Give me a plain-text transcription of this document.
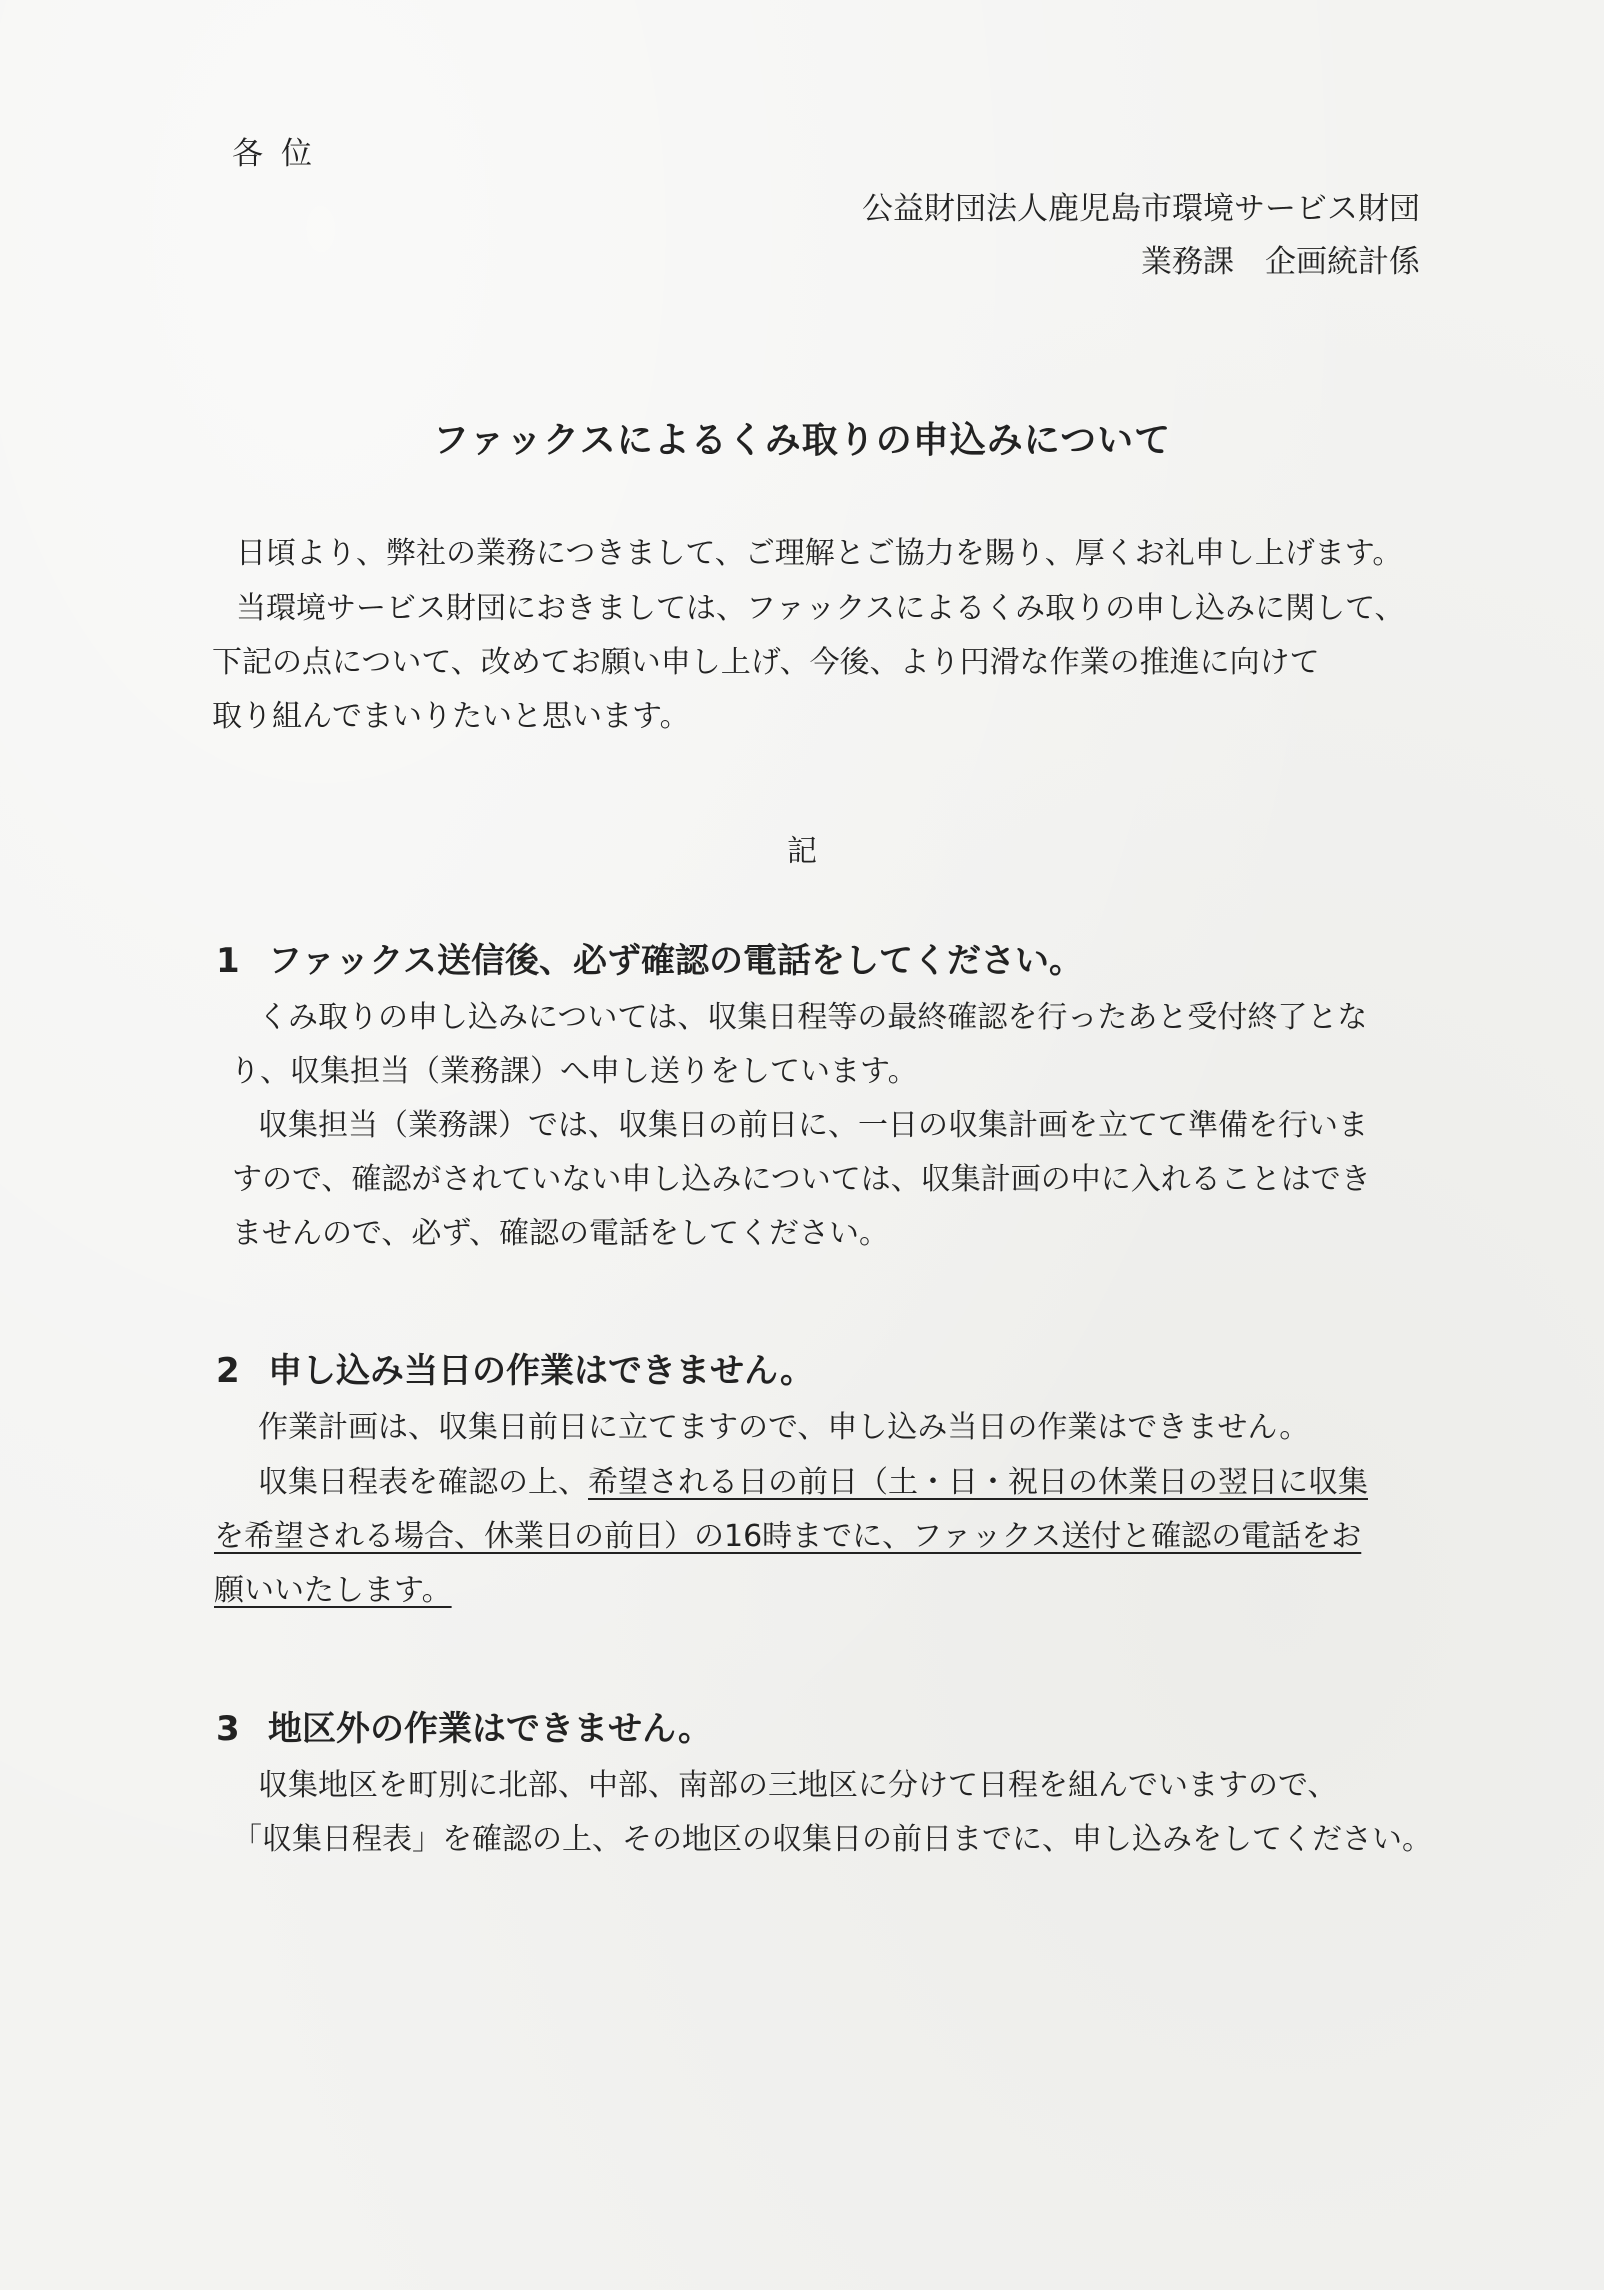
各位
公益財団法人鹿児島市環境サービス財団
業務課　企画統計係
ファックスによるくみ取りの申込みについて
日頃より、弊社の業務につきまして、ご理解とご協力を賜り、厚くお礼申し上げます。
当環境サービス財団におきましては、ファックスによるくみ取りの申し込みに関して、
下記の点について、改めてお願い申し上げ、今後、より円滑な作業の推進に向けて
取り組んでまいりたいと思います。
記
1 ファックス送信後、必ず確認の電話をしてください。
くみ取りの申し込みについては、収集日程等の最終確認を行ったあと受付終了とな
り、収集担当（業務課）へ申し送りをしています。
収集担当（業務課）では、収集日の前日に、一日の収集計画を立てて準備を行いま
すので、確認がされていない申し込みについては、収集計画の中に入れることはでき
ませんので、必ず、確認の電話をしてください。
2 申し込み当日の作業はできません。
作業計画は、収集日前日に立てますので、申し込み当日の作業はできません。
収集日程表を確認の上、希望される日の前日（土・日・祝日の休業日の翌日に収集
を希望される場合、休業日の前日）の16時までに、ファックス送付と確認の電話をお
願いいたします。
3 地区外の作業はできません。
収集地区を町別に北部、中部、南部の三地区に分けて日程を組んでいますので、
「収集日程表」を確認の上、その地区の収集日の前日までに、申し込みをしてください。
